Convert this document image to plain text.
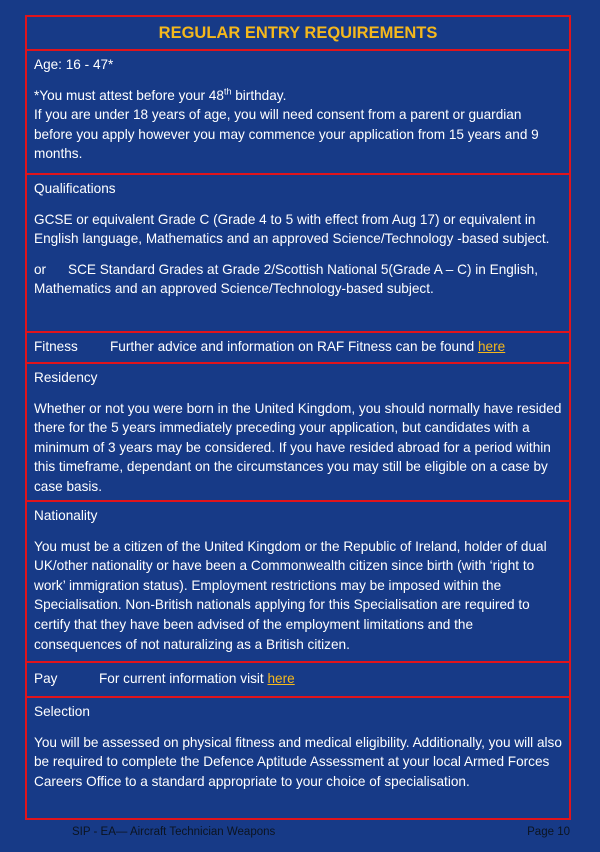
REGULAR ENTRY REQUIREMENTS

Age: 16 - 47*

*You must attest before your 48th birthday.

If you are under 18 years of age, you will need consent from a parent or guardian before you apply however you may commence your application from 15 years and 9 months.

Qualifications

GCSE or equivalent Grade C (Grade 4 to 5 with effect from Aug 17) or equivalent in English language, Mathematics and an approved Science/Technology -based subject.

or SCE Standard Grades at Grade 2/Scottish National 5(Grade A – C) in English, Mathematics and an approved Science/Technology-based subject.

Fitness Further advice and information on RAF Fitness can be found here

Residency

Whether or not you were born in the United Kingdom, you should normally have resided there for the 5 years immediately preceding your application, but candidates with a minimum of 3 years may be considered. If you have resided abroad for a period within this timeframe, dependant on the circumstances you may still be eligible on a case by case basis.

Nationality

You must be a citizen of the United Kingdom or the Republic of Ireland, holder of dual UK/other nationality or have been a Commonwealth citizen since birth (with ‘right to work’ immigration status). Employment restrictions may be imposed within the Specialisation. Non-British nationals applying for this Specialisation are required to certify that they have been advised of the employment limitations and the consequences of not naturalizing as a British citizen.

Pay	For current information visit here

Selection

You will be assessed on physical fitness and medical eligibility. Additionally, you will also be required to complete the Defence Aptitude Assessment at your local Armed Forces Careers Office to a standard appropriate to your choice of specialisation.

SIP - EA— Aircraft Technician Weapons	Page 10
